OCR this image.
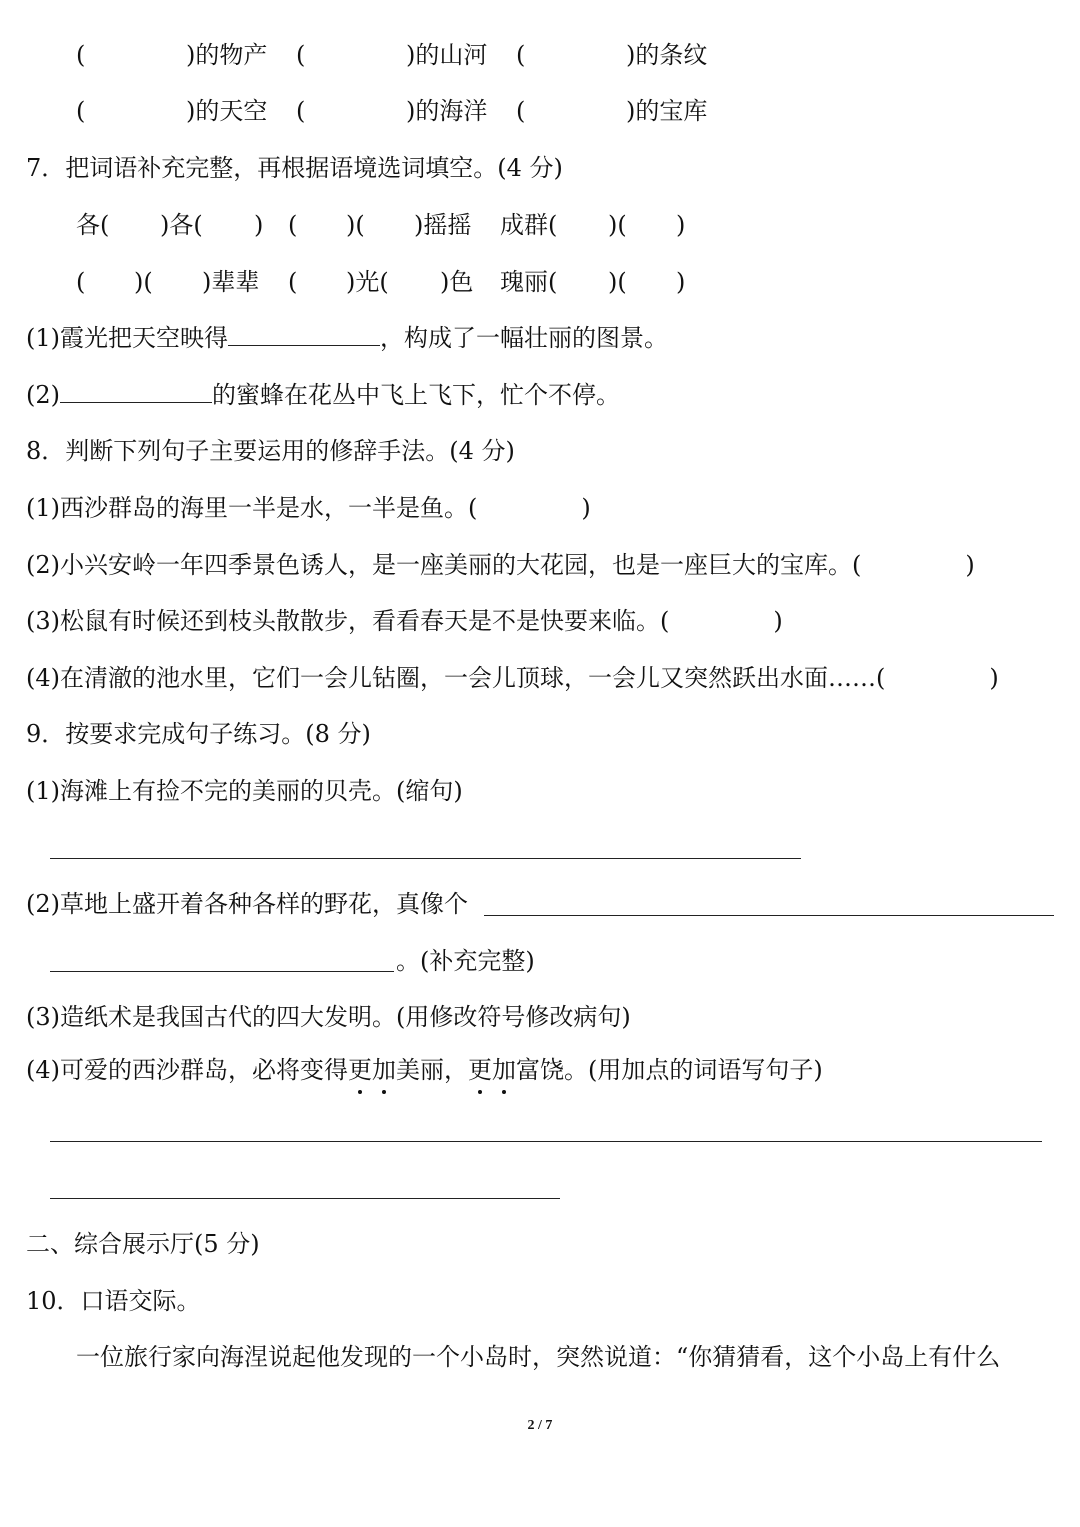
(	)的物产 (	)的山河 (	)的条纹
(	)的天空 (	)的海洋 (	)的宝库
7．把词语补充完整，再根据语境选词填空。(4 分)
各( )各( ) ( )( )摇摇 成群( )( )
( )( )辈辈 ( )光( )色 瑰丽( )( )
(1)霞光把天空映得	，构成了一幅壮丽的图景。
(2)	的蜜蜂在花丛中飞上飞下，忙个不停。
8．判断下列句子主要运用的修辞手法。(4 分)
(1)西沙群岛的海里一半是水，一半是鱼。(	)
(2)小兴安岭一年四季景色诱人，是一座美丽的大花园，也是一座巨大的宝库。(	)
(3)松鼠有时候还到枝头散散步，看看春天是不是快要来临。(	)
(4)在清澈的池水里，它们一会儿钻圈，一会儿顶球，一会儿又突然跃出水面……(	)
9．按要求完成句子练习。(8 分)
(1)海滩上有捡不完的美丽的贝壳。(缩句)
(2)草地上盛开着各种各样的野花，真像个
。(补充完整)
(3)造纸术是我国古代的四大发明。(用修改符号修改病句)
(4)可爱的西沙群岛，必将变得更加美丽，更加富饶。(用加点的词语写句子)
二、综合展示厅(5 分)
10．口语交际。
一位旅行家向海涅说起他发现的一个小岛时，突然说道：“你猜猜看，这个小岛上有什么
2 / 7
